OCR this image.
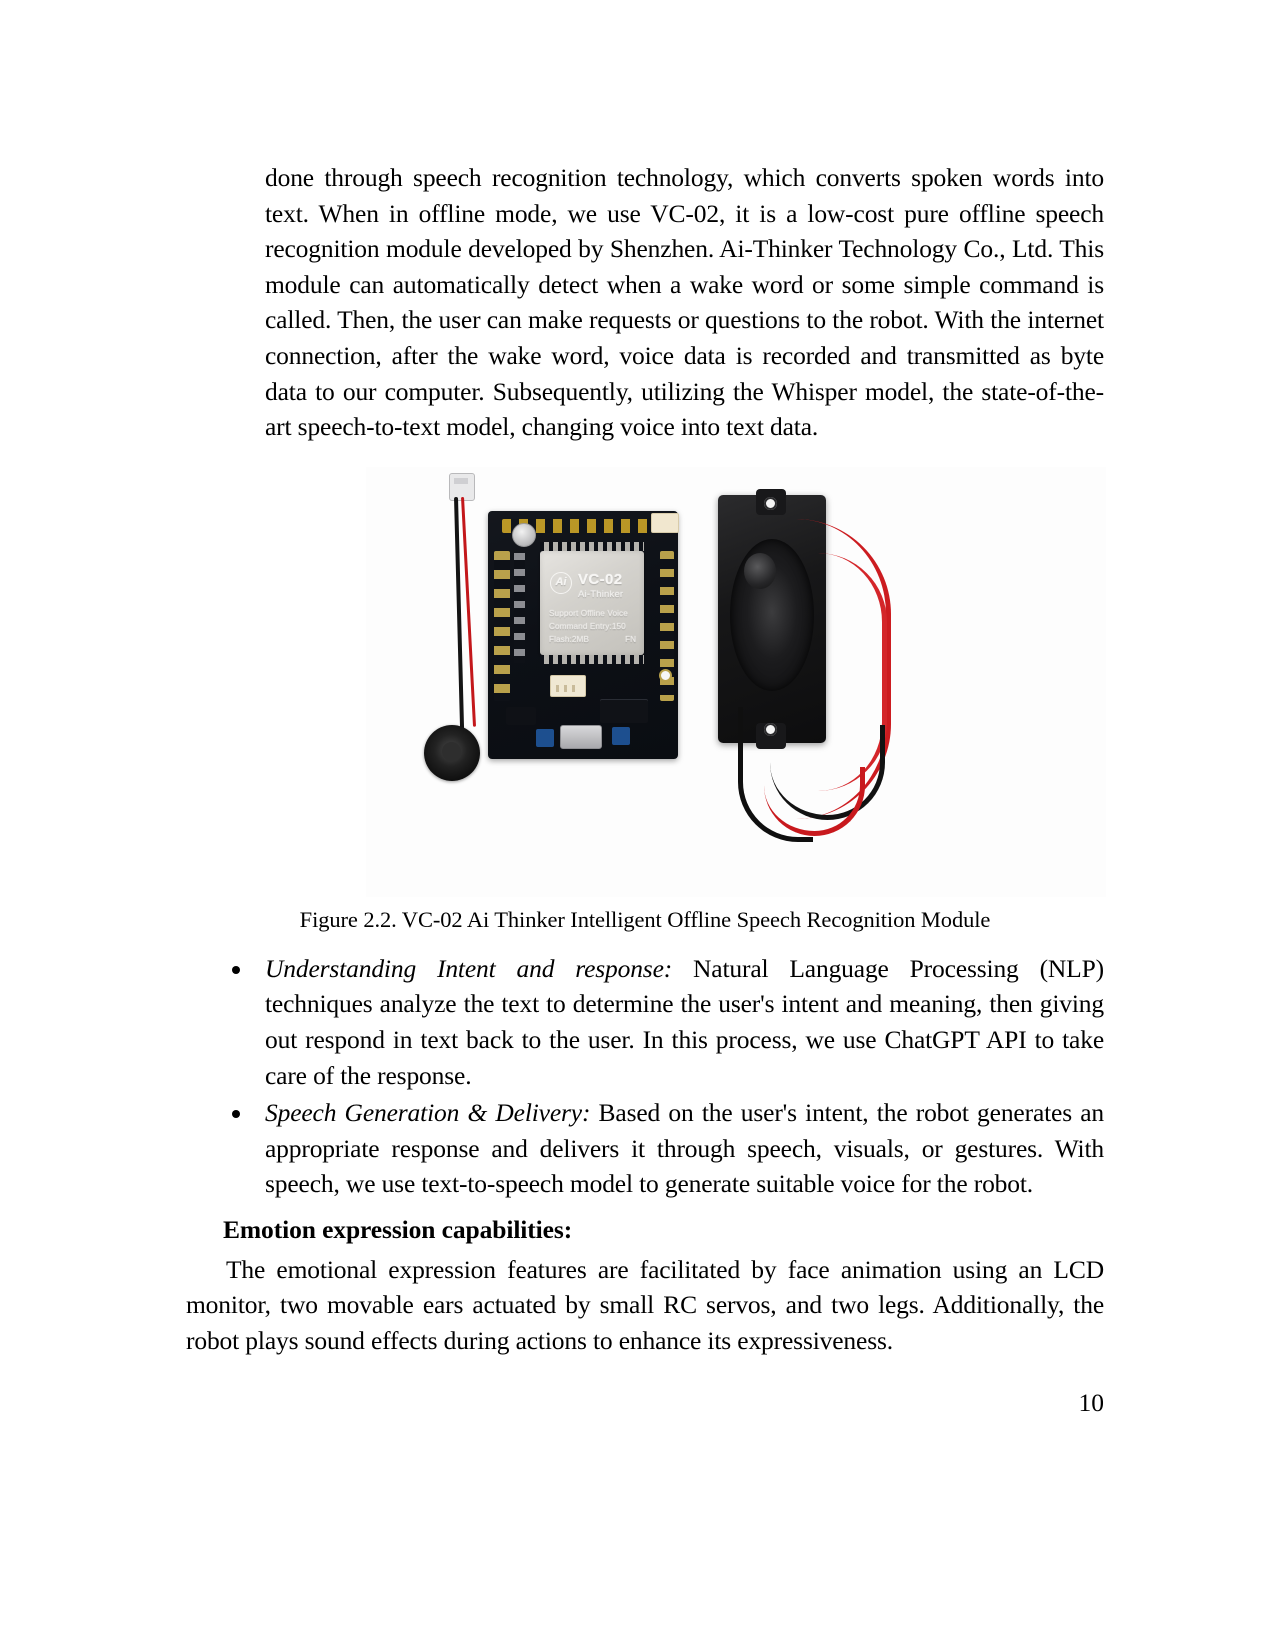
done through speech recognition technology, which converts spoken words into text. When in offline mode, we use VC-02, it is a low-cost pure offline speech recognition module developed by Shenzhen. Ai-Thinker Technology Co., Ltd. This module can automatically detect when a wake word or some simple command is called. Then, the user can make requests or questions to the robot. With the internet connection, after the wake word, voice data is recorded and transmitted as byte data to our computer. Subsequently, utilizing the Whisper model, the state-of-the-art speech-to-text model, changing voice into text data.

Ai VC-02
Ai-Thinker
Support Offline Voice
Command Entry:150
Flash:2MB	FN
Figure 2.2. VC-02 Ai Thinker Intelligent Offline Speech Recognition Module
Understanding Intent and response: Natural Language Processing (NLP) techniques analyze the text to determine the user's intent and meaning, then giving out respond in text back to the user. In this process, we use ChatGPT API to take care of the response.
Speech Generation & Delivery: Based on the user's intent, the robot generates an appropriate response and delivers it through speech, visuals, or gestures. With speech, we use text-to-speech model to generate suitable voice for the robot.

Emotion expression capabilities:

The emotional expression features are facilitated by face animation using an LCD monitor, two movable ears actuated by small RC servos, and two legs. Additionally, the robot plays sound effects during actions to enhance its expressiveness.

10
